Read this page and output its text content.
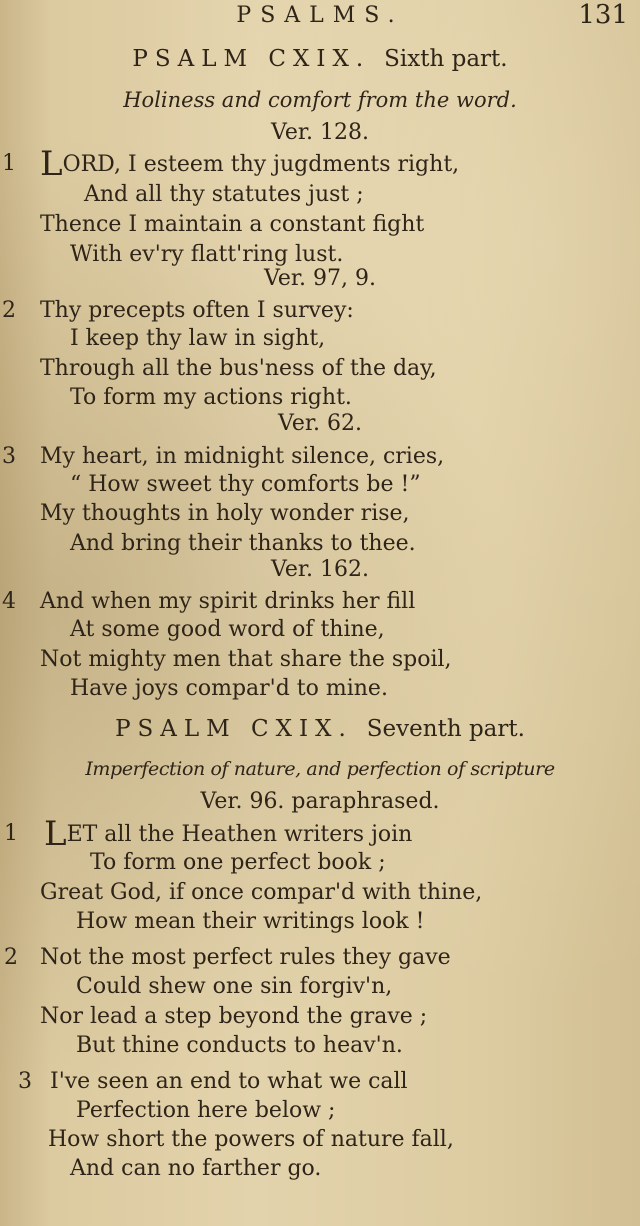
PSALMS.	131
PSALM CXIX. Sixth part.
Holiness and comfort from the word.
Ver. 128.
1 LORD, I esteem thy jugdments right,
And all thy statutes just ;
Thence I maintain a constant fight
With ev'ry flatt'ring lust.
Ver. 97, 9.
2 Thy precepts often I survey:
I keep thy law in sight,
Through all the bus'ness of the day,
To form my actions right.
Ver. 62.
3 My heart, in midnight silence, cries,
“ How sweet thy comforts be !”
My thoughts in holy wonder rise,
And bring their thanks to thee.
Ver. 162.
4 And when my spirit drinks her fill
At some good word of thine,
Not mighty men that share the spoil,
Have joys compar'd to mine.
PSALM CXIX. Seventh part.
Imperfection of nature, and perfection of scripture
Ver. 96. paraphrased.
1 LET all the Heathen writers join
To form one perfect book ;
Great God, if once compar'd with thine,
How mean their writings look !
2 Not the most perfect rules they gave
Could shew one sin forgiv'n,
Nor lead a step beyond the grave ;
But thine conducts to heav'n.
3 I've seen an end to what we call
Perfection here below ;
How short the powers of nature fall,
And can no farther go.
